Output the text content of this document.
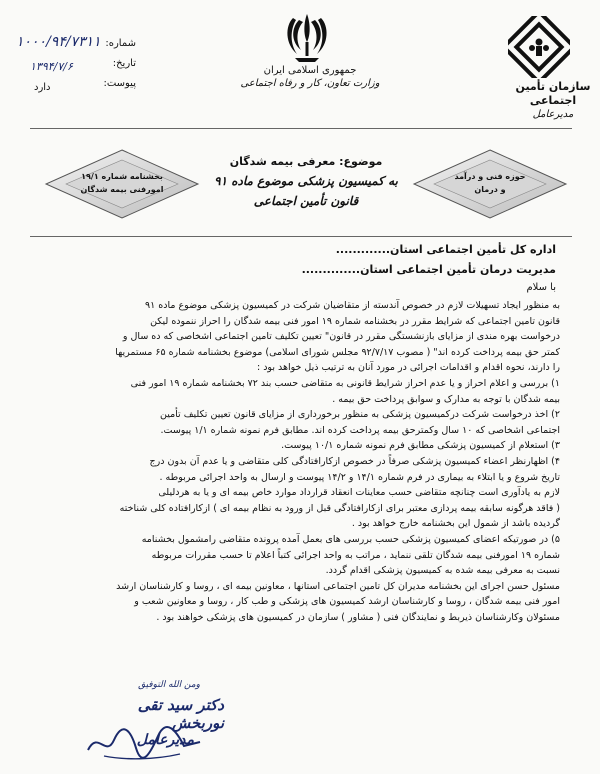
سازمان تأمین اجتماعی
مدیرعامل
جمهوری اسلامی ایران
وزارت تعاون، کار و رفاه اجتماعی
شماره:
تاریخ:
پیوست:
۱۰۰۰/۹۴/۷۳۱۱
۱۳۹۴/۷/۶
دارد
حوزه فنی و درآمد
و درمان
موضوع: معرفی بیمه شدگان
به کمیسیون پزشکی موضوع ماده ۹۱
قانون تأمین اجتماعی
بخشنامه شماره ۱۹/۱
امورفنی بیمه شدگان
اداره کل تأمین اجتماعی استان.............
مدیریت درمان تأمین اجتماعی استان..............
با سلام
به منظور ایجاد تسهیلات لازم در خصوص آندسته از متقاضیان شرکت در کمیسیون پزشکی موضوع ماده ۹۱
قانون تامین اجتماعی که شرایط مقرر در بخشنامه شماره ۱۹ امور فنی بیمه شدگان را احراز ننموده لیکن
درخواست بهره مندی از مزایای بازنشستگی مقرر در قانون" تعیین تکلیف تامین اجتماعی اشخاصی که ده سال و
کمتر حق بیمه پرداخت کرده اند" ( مصوب ۹۲/۷/۱۷ مجلس شورای اسلامی) موضوع بخشنامه شماره ۶۵ مستمریها
را دارند، نحوه اقدام و اقدامات اجرائی در مورد آنان به ترتیب ذیل خواهد بود :
۱) بررسی و اعلام احراز و یا عدم احراز شرایط قانونی به متقاضی حسب بند ۷۲ بخشنامه شماره ۱۹ امور فنی
بیمه شدگان با توجه به مدارک و سوابق پرداخت حق بیمه .
۲) اخذ درخواست شرکت درکمیسیون پزشکی به منظور برخورداری از مزایای قانون تعیین تکلیف تأمین
اجتماعی اشخاصی که ۱۰ سال وکمترحق بیمه پرداخت کرده اند. مطابق فرم نمونه شماره ۱/۱ پیوست.
۳) استعلام از کمیسیون پزشکی مطابق فرم نمونه شماره ۱۰/۱ پیوست.
۴) اظهارنظر اعضاء کمیسیون پزشکی صرفاً در خصوص ازکارافتادگی کلی متقاضی و یا عدم آن بدون درج
تاریخ شروع و یا ابتلاء به بیماری در فرم شماره ۱۴/۱ و ۱۴/۲ پیوست و ارسال به واحد اجرائی مربوطه .
لازم به یادآوری است چنانچه متقاضی حسب معاینات انعقاد قرارداد موارد خاص بیمه ای و یا به هردلیلی
( فاقد هرگونه سابقه بیمه پردازی معتبر برای ازکارافتادگی قبل از ورود به نظام بیمه ای ) ازکارافتاده کلی شناخته
گردیده باشد از شمول این بخشنامه خارج خواهد بود .
۵) در صورتیکه اعضای کمیسیون پزشکی حسب بررسی های بعمل آمده پرونده متقاضی رامشمول بخشنامه
شماره ۱۹ امورفنی بیمه شدگان تلقی ننماید ، مراتب به واحد اجرائی کتباً اعلام تا حسب مقررات مربوطه
نسبت به معرفی بیمه شده به کمیسیون پزشکی اقدام گردد.
مسئول حسن اجرای این بخشنامه مدیران کل تامین اجتماعی استانها ، معاونین بیمه ای ، روسا و کارشناسان ارشد
امور فنی بیمه شدگان ، روسا و کارشناسان ارشد کمیسیون های پزشکی و طب کار ، روسا و معاونین شعب و
مسئولان وکارشناسان ذیربط و نمایندگان فنی ( مشاور ) سازمان در کمیسیون های پزشکی خواهند بود .
ومن الله التوفیق
دکتر سید تقی نوربخش
مدیرعامل
